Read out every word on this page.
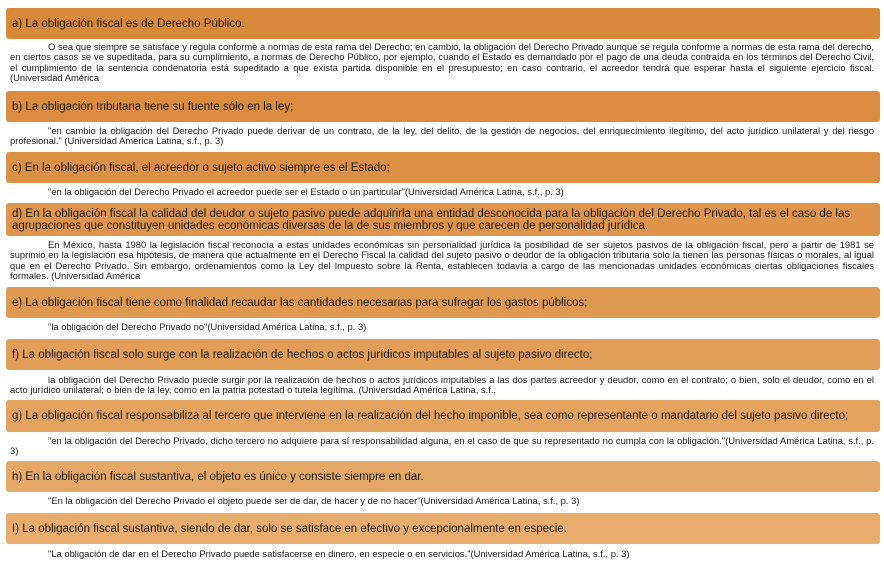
a) La obligación fiscal es de Derecho Público.
O sea que siempre se satisface y regula conforme a normas de esta rama del Derecho; en cambio, la obligación del Derecho Privado aunque se regula conforme a normas de esta rama del derecho, en ciertos casos se ve supeditada, para su cumplimiento, a normas de Derecho Público, por ejemplo, cuando el Estado es demandado por el pago de una deuda contraída en los términos del Derecho Civil, el cumplimiento de la sentencia condenatoria está supeditado a que exista partida disponible en el presupuesto; en caso contrario, el acreedor tendrá que esperar hasta el siguiente ejercicio fiscal. (Universidad América
b) La obligación tributaria tiene su fuente sólo en la ley;
"en cambio la obligación del Derecho Privado puede derivar de un contrato, de la ley, del delito, de la gestión de negocios, del enriquecimiento ilegítimo, del acto jurídico unilateral y del riesgo profesional." (Universidad América Latina, s.f., p. 3)
c) En la obligación fiscal, el acreedor o sujeto activo siempre es el Estado;
"en la obligación del Derecho Privado el acreedor puede ser el Estado o un particular"(Universidad América Latina, s.f., p. 3)
d) En la obligación fiscal la calidad del deudor o sujeto pasivo puede adquirirla una entidad desconocida para la obligación del Derecho Privado, tal es el caso de las agrupaciones que constituyen unidades económicas diversas de la de sus miembros y que carecen de personalidad jurídica.
En México, hasta 1980 la legislación fiscal reconocía a estas unidades económicas sin personalidad jurídica la posibilidad de ser sujetos pasivos de la obligación fiscal, pero a partir de 1981 se suprimió en la legislación esa hipótesis, de manera que actualmente en el Derecho Fiscal la calidad del sujeto pasivo o deudor de la obligación tributaria solo la tienen las personas físicas o morales, al igual que en el Derecho Privado. Sin embargo, ordenamientos como la Ley del Impuesto sobre la Renta, establecen todavía a cargo de las mencionadas unidades económicas ciertas obligaciones fiscales formales. (Universidad América
e) La obligación fiscal tiene como finalidad recaudar las cantidades necesarias para sufragar los gastos públicos;
"la obligación del Derecho Privado no"(Universidad América Latina, s.f., p. 3)
f) La obligación fiscal solo surge con la realización de hechos o actos jurídicos imputables al sujeto pasivo directo;
la obligación del Derecho Privado puede surgir por la realización de hechos o actos jurídicos imputables a las dos partes acreedor y deudor, como en el contrato; o bien, solo el deudor, como en el acto jurídico unilateral; o bien de la ley, como en la patria potestad o tutela legítima. (Universidad América Latina, s.f.,
g) La obligación fiscal responsabiliza al tercero que interviene en la realización del hecho imponible, sea como representante o mandatario del sujeto pasivo directo;
"en la obligación del Derecho Privado, dicho tercero no adquiere para sí responsabilidad alguna, en el caso de que su representado no cumpla con la obligación."(Universidad América Latina, s.f., p. 3)
h) En la obligación fiscal sustantiva, el objeto es único y consiste siempre en dar.
"En la obligación del Derecho Privado el objeto puede ser de dar, de hacer y de no hacer"(Universidad América Latina, s.f., p. 3)
I) La obligación fiscal sustantiva, siendo de dar, solo se satisface en efectivo y excepcionalmente en especie.
"La obligación de dar en el Derecho Privado puede satisfacerse en dinero, en especie o en servicios."(Universidad América Latina, s.f., p. 3)
